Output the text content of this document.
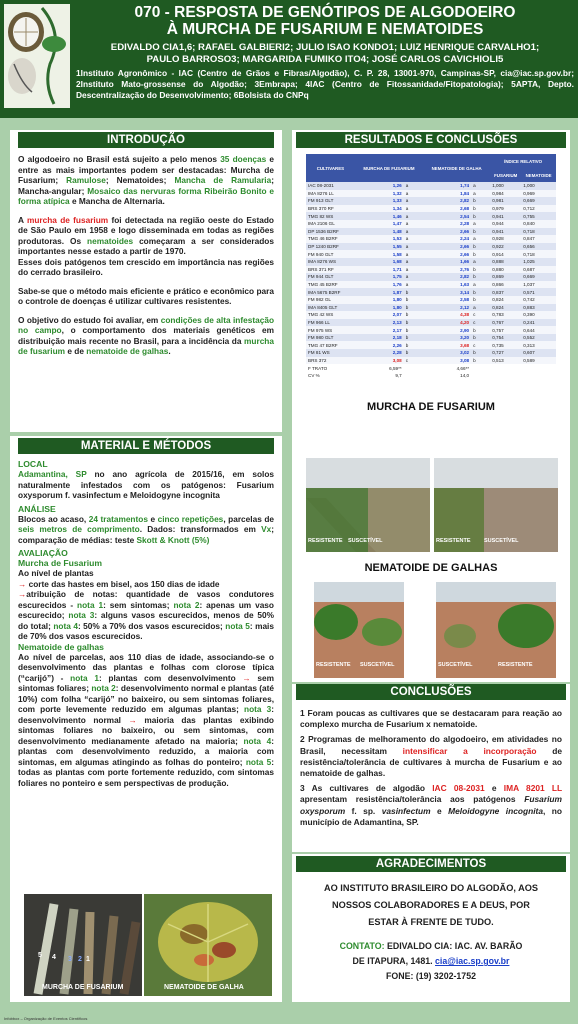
070 - RESPOSTA DE GENÓTIPOS DE ALGODOEIRO
À MURCHA DE FUSARIUM E NEMATOIDES
EDIVALDO CIA1,6; RAFAEL GALBIERI2; JULIO ISAO KONDO1; LUIZ HENRIQUE CARVALHO1;
PAULO BARROSO3; MARGARIDA FUMIKO ITO4; JOSÉ CARLOS CAVICHIOLI5
1Instituto Agronômico - IAC (Centro de Grãos e Fibras/Algodão), C. P. 28, 13001-970, Campinas-SP, cia@iac.sp.gov.br; 2Instituto Mato-grossense do Algodão; 3Embrapa; 4IAC (Centro de Fitossanidade/Fitopatologia); 5APTA, Depto. Descentralização do Desenvolvimento; 6Bolsista do CNPq
INTRODUÇÃO

O algodoeiro no Brasil está sujeito a pelo menos 35 doenças e entre as mais importantes podem ser destacadas: Murcha de Fusarium; Ramulose; Nematoides; Mancha de Ramularia; Mancha-angular; Mosaico das nervuras forma Ribeirão Bonito e forma atípica e Mancha de Alternaria.

A murcha de fusarium foi detectada na região oeste do Estado de São Paulo em 1958 e logo disseminada em todas as regiões produtoras. Os nematoides começaram a ser considerados importantes nesse estado a partir de 1970.

Esses dois patógenos tem crescido em importância nas regiões do cerrado brasileiro.

Sabe-se que o método mais eficiente e prático e econômico para o controle de doenças é utilizar cultivares resistentes.

O objetivo do estudo foi avaliar, em condições de alta infestação no campo, o comportamento dos materiais genéticos em distribuição mais recente no Brasil, para a incidência da murcha de fusarium e de nematoide de galhas.

MATERIAL E MÉTODOS
LOCAL

Adamantina, SP no ano agrícola de 2015/16, em solos naturalmente infestados com os patógenos: Fusarium oxysporum f. vasinfectum e Meloidogyne incognita

ANÁLISE

Blocos ao acaso, 24 tratamentos e cinco repetições, parcelas de seis metros de comprimento. Dados: transformados em Vx; comparação de médias: teste Skott & Knott (5%)

AVALIAÇÃO
Murcha de Fusarium

Ao nível de plantas

→ corte das hastes em bisel, aos 150 dias de idade

→atribuição de notas: quantidade de vasos condutores escurecidos - nota 1: sem sintomas; nota 2: apenas um vaso escurecido; nota 3: alguns vasos escurecidos, menos de 50% do total; nota 4: 50% a 70% dos vasos escurecidos; nota 5: mais de 70% dos vasos escurecidos.

Nematoide de galhas

Ao nível de parcelas, aos 110 dias de idade, associando-se o desenvolvimento das plantas e folhas com clorose típica (“carijó”) - nota 1: plantas com desenvolvimento → sem sintomas foliares; nota 2: desenvolvimento normal e plantas (até 10%) com folha “carijó” no baixeiro, ou sem sintomas foliares, com porte levemente reduzido em algumas plantas; nota 3: desenvolvimento normal → maioria das plantas exibindo sintomas foliares no baixeiro, ou sem sintomas, com desenvolvimento medianamente afetado na maioria; nota 4: plantas com desenvolvimento reduzido, a maioria com sintomas, em algumas atingindo as folhas do ponteiro; nota 5: todas as plantas com porte fortemente reduzido, com sintomas foliares no ponteiro e sem perspectivas de produção.

5 4 3 2 1
MURCHA DE FUSARIUM	NEMATOIDE DE GALHA
RESULTADOS E CONCLUSÕES
CULTIVARES	MURCHA DE FUSARIUM		NEMATOIDE DE GALHA		ÍNDICE RELATIVO	
					FUSARIUM	NEMATOIDE
IAC 08-2031	1,26	a	1,74	a	1,000	1,000
IMA 8276 LL	1,32	a	1,84	a	0,984	0,969
FM 913 GLT	1,33	a	2,82	b	0,981	0,669
BRS 370 RF	1,34	a	2,68	b	0,979	0,712
TMG 82 WS	1,46	a	2,54	b	0,941	0,755
IMA 2106 GL	1,47	a	2,28	a	0,944	0,840
DP 1536 B2RF	1,48	a	2,66	b	0,941	0,718
TMG 46 B2RF	1,53	a	2,24	a	0,928	0,847
DP 1240 B2RF	1,55	a	2,66	b	0,922	0,656
FM 940 GLT	1,58	a	2,66	b	0,914	0,718
IMA 8276 WS	1,68	a	1,66	a	0,888	1,025
BRS 371 RF	1,71	a	2,76	b	0,880	0,687
FM 944 GLT	1,75	a	2,82	b	0,869	0,669
TMG 45 B2RF	1,76	a	1,63	a	0,866	1,037
IMA 5675 B2RF	1,87	b	3,14	b	0,837	0,571
FM 982 GL	1,80	b	2,58	b	0,824	0,742
IMA 8405 GLT	1,80	b	2,12	a	0,824	0,883
TMG 42 WS	2,07	b	4,38	c	0,783	0,390
FM 966 LL	2,13	b	4,20	c	0,767	0,241
FM 975 WS	2,17	b	2,90	b	0,757	0,644
FM 980 GLT	2,18	b	3,20	b	0,754	0,552
TMG 47 B2RF	2,26	b	3,68	c	0,735	0,313
FM 81 WS	2,28	b	3,02	b	0,727	0,607
BRS 372	3,08	c	3,08	b	0,513	0,589
F TRATO	6,59**		4,66**			
CV %	9,7		14,0			
MURCHA DE FUSARIUM
RESISTENTE SUSCETÍVEL	RESISTENTE SUSCETÍVEL
NEMATOIDE DE GALHAS
RESISTENTE SUSCETÍVEL	SUSCETÍVEL	RESISTENTE
CONCLUSÕES

1 Foram poucas as cultivares que se destacaram para reação ao complexo murcha de Fusarium x nematoide.

2 Programas de melhoramento do algodoeiro, em atividades no Brasil, necessitam intensificar a incorporação de resistência/tolerância de cultivares à murcha de Fusarium e ao nematoide de galhas.

3 As cultivares de algodão IAC 08-2031 e IMA 8201 LL apresentam resistência/tolerância aos patógenos Fusarium oxysporum f. sp. vasinfectum e Meloidogyne incognita, no município de Adamantina, SP.

AGRADECIMENTOS
AO INSTITUTO BRASILEIRO DO ALGODÃO, AOS
NOSSOS COLABORADORES E A DEUS, POR
ESTAR À FRENTE DE TUDO.
CONTATO: EDIVALDO CIA: IAC. AV. BARÃO
DE ITAPURA, 1481. cia@iac.sp.gov.br
FONE: (19) 3202-1752
Infobbox – Organização de Eventos Científicos
